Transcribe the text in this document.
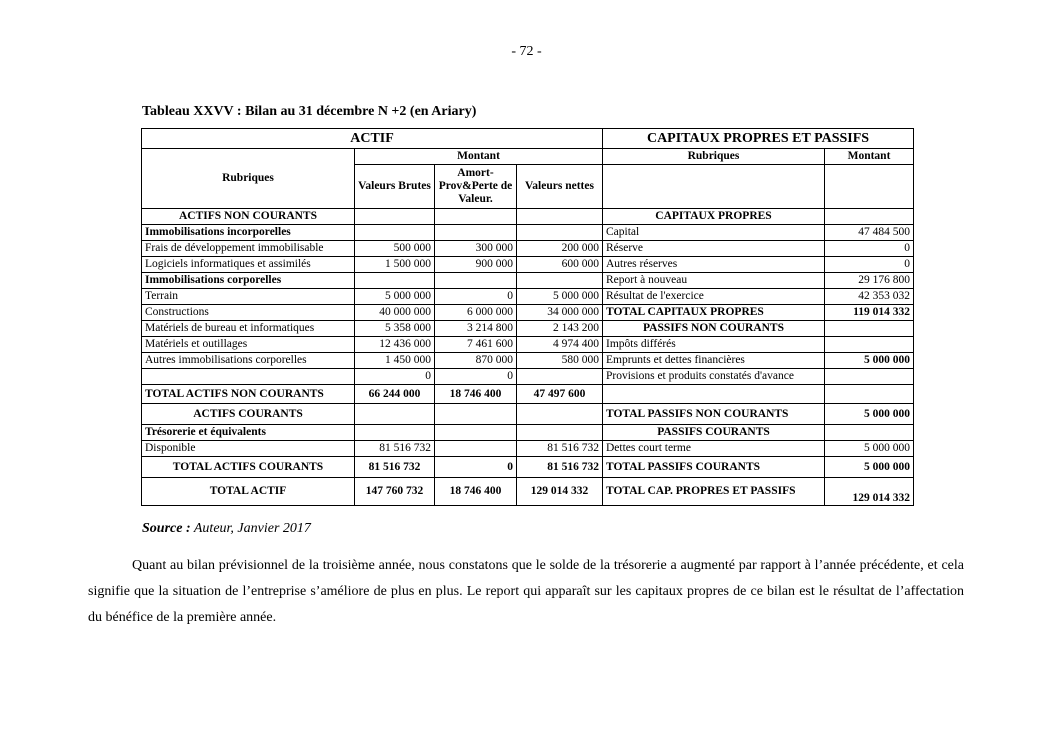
- 72 -
Tableau XXVV : Bilan au 31 décembre N +2 (en Ariary)
ACTIF				CAPITAUX PROPRES ET PASSIFS	
Rubriques	Montant			Rubriques	Montant
	Valeurs Brutes	Amort-Prov&Perte de Valeur.	Valeurs nettes		
ACTIFS NON COURANTS				CAPITAUX PROPRES	
Immobilisations incorporelles				Capital	47 484 500
Frais de développement immobilisable	500 000	300 000	200 000	Réserve	0
Logiciels informatiques et assimilés	1 500 000	900 000	600 000	Autres réserves	0
Immobilisations corporelles				Report à nouveau	29 176 800
Terrain	5 000 000	0	5 000 000	Résultat de l'exercice	42 353 032
Constructions	40 000 000	6 000 000	34 000 000	TOTAL CAPITAUX PROPRES	119 014 332
Matériels de bureau et informatiques	5 358 000	3 214 800	2 143 200	PASSIFS NON COURANTS	
Matériels et outillages	12 436 000	7 461 600	4 974 400	Impôts différés	
Autres immobilisations corporelles	1 450 000	870 000	580 000	Emprunts et dettes financières	5 000 000
	0	0		Provisions et produits constatés d'avance	
TOTAL ACTIFS NON COURANTS	66 244 000	18 746 400	47 497 600		
ACTIFS COURANTS				TOTAL PASSIFS NON COURANTS	5 000 000
Trésorerie et équivalents				PASSIFS COURANTS	
Disponible	81 516 732		81 516 732	Dettes court terme	5 000 000
TOTAL ACTIFS COURANTS	81 516 732	0	81 516 732	TOTAL PASSIFS COURANTS	5 000 000
TOTAL ACTIF	147 760 732	18 746 400	129 014 332	TOTAL CAP. PROPRES ET PASSIFS	129 014 332
Source : Auteur, Janvier 2017

Quant au bilan prévisionnel de la troisième année, nous constatons que le solde de la trésorerie a augmenté par rapport à l’année précédente, et cela signifie que la situation de l’entreprise s’améliore de plus en plus. Le report qui apparaît sur les capitaux propres de ce bilan est le résultat de l’affectation du bénéfice de la première année.
